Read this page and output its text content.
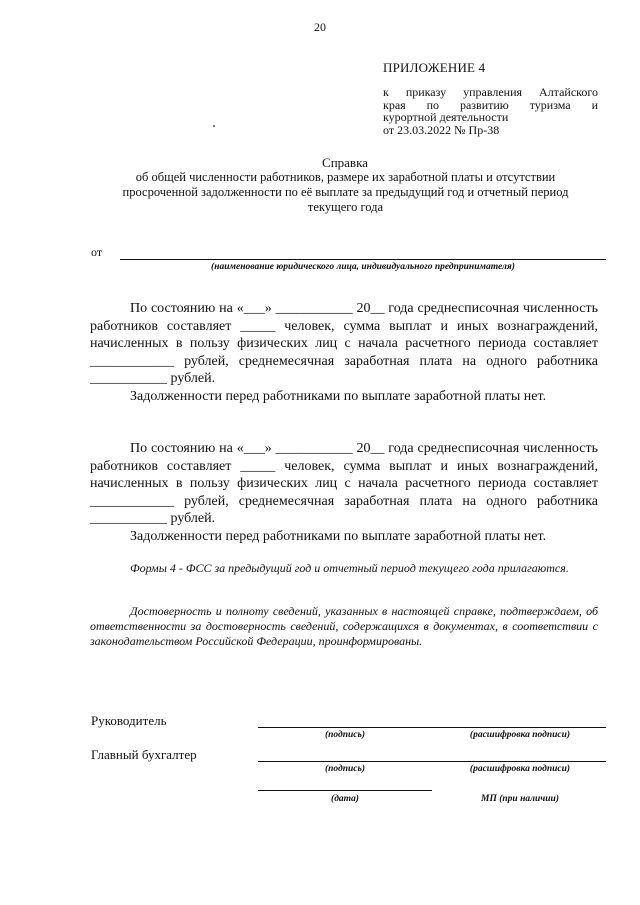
20
ПРИЛОЖЕНИЕ 4
к приказу управления Алтайского
края по развитию туризма и
курортной деятельности
от 23.03.2022 № Пр-38
Справка
об общей численности работников, размере их заработной платы и отсутствии
просроченной задолженности по её выплате за предыдущий год и отчетный период
текущего года
от
(наименование юридического лица, индивидуального предпринимателя)

По состоянию на «___» ___________ 20__ года среднесписочная численность работников составляет _____ человек, сумма выплат и иных вознаграждений, начисленных в пользу физических лиц с начала расчетного периода составляет ____________ рублей, среднемесячная заработная плата на одного работника ___________ рублей.

Задолженности перед работниками по выплате заработной платы нет.

По состоянию на «___» ___________ 20__ года среднесписочная численность работников составляет _____ человек, сумма выплат и иных вознаграждений, начисленных в пользу физических лиц с начала расчетного периода составляет ____________ рублей, среднемесячная заработная плата на одного работника ___________ рублей.

Задолженности перед работниками по выплате заработной платы нет.

Формы 4 - ФСС за предыдущий год и отчетный период текущего года прилагаются.

Достоверность и полноту сведений, указанных в настоящей справке, подтверждаем, об ответственности за достоверность сведений, содержащихся в документах, в соответствии с законодательством Российской Федерации, проинформированы.

Руководитель
(подпись)	(расшифровка подписи)
Главный бухгалтер
(подпись)	(расшифровка подписи)
(дата)	МП (при наличии)
